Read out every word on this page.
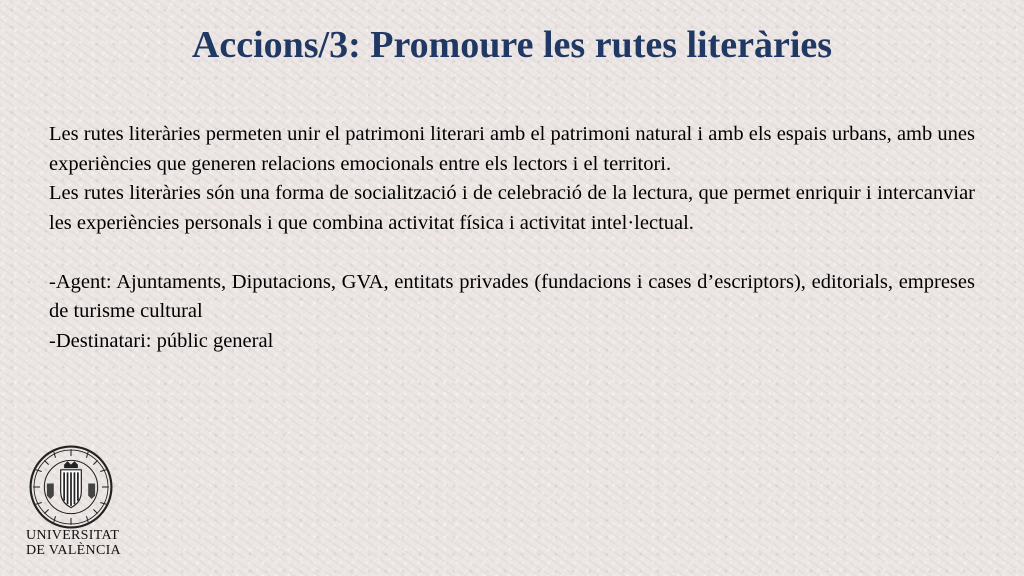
Accions/3: Promoure les rutes literàries

Les rutes literàries permeten unir el patrimoni literari amb el patrimoni natural i amb els espais urbans, amb unes experiències que generen relacions emocionals entre els lectors i el territori.

Les rutes literàries són una forma de socialització i de celebració de la lectura, que permet enriquir i intercanviar les experiències personals i que combina activitat física i activitat intel·lectual.

-Agent: Ajuntaments, Diputacions, GVA, entitats privades (fundacions i cases d’escriptors), editorials, empreses de turisme cultural

-Destinatari: públic general

UNIVERSITAT
DE VALÈNCIA
